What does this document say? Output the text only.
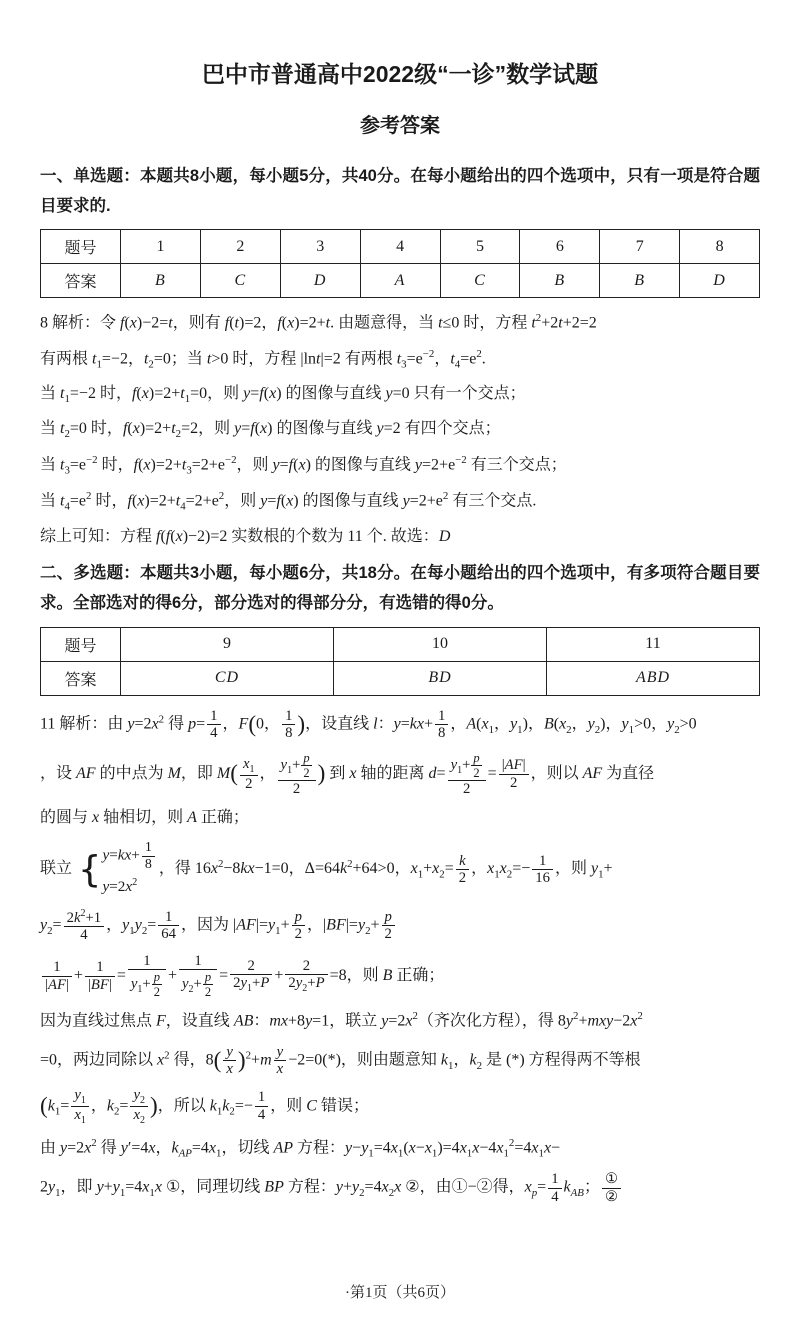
巴中市普通高中2022级“一诊”数学试题
参考答案

一、单选题：本题共8小题，每小题5分，共40分。在每小题给出的四个选项中，只有一项是符合题目要求的.

题号	1	2	3	4	5	6	7	8
答案	B	C	D	A	C	B	B	D

8 解析：令 f(x)−2=t，则有 f(t)=2，f(x)=2+t. 由题意得，当 t≤0 时，方程 $t^2+2t+2=2$

有两根 $t_1=-2$，$t_2=0$；当 t>0 时，方程 |lnt|=2 有两根 $t_3=e^{-2}$，$t_4=e^2$.

当 $t_1=-2$ 时，$f(x)=2+t_1=0$，则 y=f(x) 的图像与直线 y=0 只有一个交点；

当 $t_2=0$ 时，$f(x)=2+t_2=2$，则 y=f(x) 的图像与直线 y=2 有四个交点；

当 $t_3=e^{-2}$ 时，$f(x)=2+t_3=2+e^{-2}$，则 y=f(x) 的图像与直线 $y=2+e^{-2}$ 有三个交点；

当 $t_4=e^2$ 时，$f(x)=2+t_4=2+e^2$，则 y=f(x) 的图像与直线 $y=2+e^2$ 有三个交点.

综上可知：方程 f(f(x)−2)=2 实数根的个数为 11 个. 故选：D

二、多选题：本题共3小题，每小题6分，共18分。在每小题给出的四个选项中，有多项符合题目要求。全部选对的得6分，部分选对的得部分分，有选错的得0分。

题号	9	10	11
答案	CD	BD	ABD

11 解析：由 $y=2x^2$ 得 $p= \frac{1}{4}$ ，F(0， $\frac{1}{8}$ )，设直线 l：$y=kx+ \frac{1}{8}$ ，$A(x_1$，$y_1$)，$B(x_2$，$y_2$)，$y_1>0$，$y_2>0$

，设 AF 的中点为 M，即 $M( \frac{x_1}{2}$ ， $\frac{y_1+ \frac{p}{2}}{2}$ ) 到 x 轴的距离 $d= \frac{y_1+ \frac{p}{2}}{2} = \frac{|AF|}{2}$ ，则以 AF 为直径

的圆与 x 轴相切，则 A 正确；

联立 { $y=kx+ \frac{1}{8}$
$y=2x^2$
，得 $16x^2-8kx-1=0$，$\Delta=64k^2+64>0$，$x_1+x_2= \frac{k}{2}$ ，$x_1x_2=- \frac{1}{16}$ ，则 $y_1+$

$y_2= \frac{2k^2+1}{4}$ ，$y_1y_2= \frac{1}{64}$ ，因为 $|AF|=y_1+ \frac{p}{2}$ ，$|BF|=y_2+ \frac{p}{2}$

$\frac{1}{|AF|} + \frac{1}{|BF|} = \frac{1}{y_1+ \frac{p}{2}} + \frac{1}{y_2+ \frac{p}{2}} = \frac{2}{2y_1+P} + \frac{2}{2y_2+P} =8$，则 B 正确；

因为直线过焦点 F，设直线 AB：mx+8y=1，联立 $y=2x^2$（齐次化方程），得 $8y^2+mxy-2x^2$

=0，两边同除以 $x^2$ 得，$8( \frac{y}{x} )^2+m \frac{y}{x} -2=0(*)$，则由题意知 $k_1$，$k_2$ 是 (*) 方程得两不等根

($k_1= \frac{y_1}{x_1}$ ，$k_2= \frac{y_2}{x_2}$ )，所以 $k_1k_2=- \frac{1}{4}$ ，则 C 错误；

由 $y=2x^2$ 得 y′=4x，$k_{AP}=4x_1$，切线 AP 方程：$y-y_1=4x_1(x-x_1)=4x_1x-4x_1^2=4x_1x-$

$2y_1$，即 $y+y_1=4x_1x$ ①，同理切线 BP 方程：$y+y_2=4x_2x$ ②，由①−②得，$x_p= \frac{1}{4} k_{AB}$； ①
②

·第1页（共6页）
